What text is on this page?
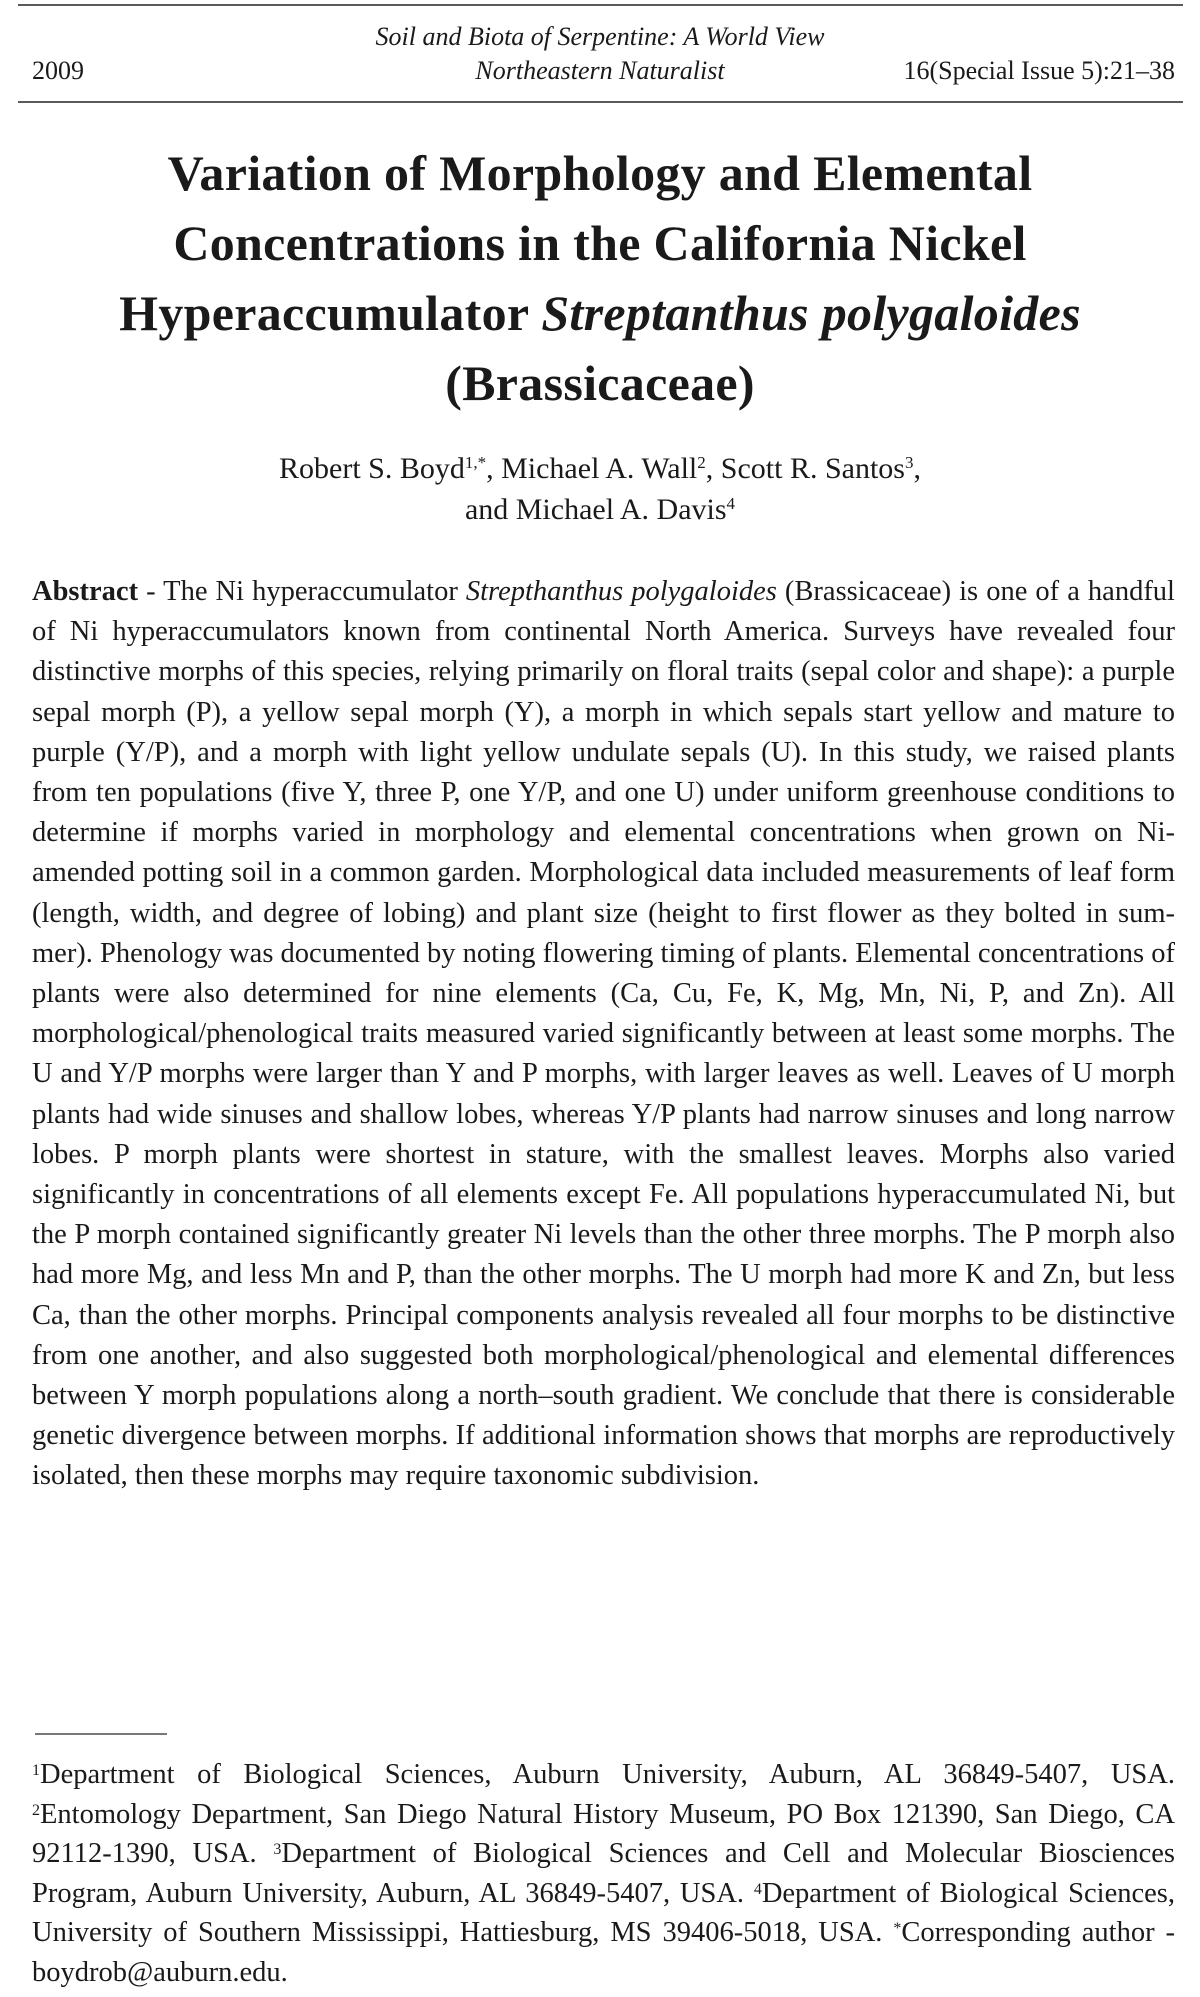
Soil and Biota of Serpentine: A World View
2009	Northeastern Naturalist	16(Special Issue 5):21–38
Variation of Morphology and Elemental
Concentrations in the California Nickel
Hyperaccumulator Streptanthus polygaloides
(Brassicaceae)
Robert S. Boyd$^{1,*}$, Michael A. Wall$^2$, Scott R. Santos$^3$,
and Michael A. Davis$^4$
Abstract - The Ni hyperaccumulator Strepthanthus polygaloides (Brassicaceae) is one of a handful of Ni hyperaccumulators known from continental North America. Surveys have revealed four distinctive morphs of this species, relying primarily on floral traits (sepal color and shape): a purple sepal morph (P), a yellow sepal morph (Y), a morph in which sepals start yellow and mature to purple (Y/P), and a morph with light yellow undulate sepals (U). In this study, we raised plants from ten populations (five Y, three P, one Y/P, and one U) under uniform greenhouse conditions to determine if morphs varied in morphology and elemental concentrations when grown on Ni-amended potting soil in a common garden. Morphological data included measurements of leaf form (length, width, and degree of lobing) and plant size (height to first flower as they bolted in summer). Phenology was documented by noting flowering timing of plants. Elemental concentrations of plants were also determined for nine elements (Ca, Cu, Fe, K, Mg, Mn, Ni, P, and Zn). All morphological/phenological traits measured varied significantly between at least some morphs. The U and Y/P morphs were larger than Y and P morphs, with larger leaves as well. Leaves of U morph plants had wide sinuses and shallow lobes, whereas Y/P plants had narrow sinuses and long narrow lobes. P morph plants were shortest in stature, with the smallest leaves. Morphs also varied significantly in concentrations of all elements except Fe. All populations hyperaccumulated Ni, but the P morph contained significantly greater Ni levels than the other three morphs. The P morph also had more Mg, and less Mn and P, than the other morphs. The U morph had more K and Zn, but less Ca, than the other morphs. Principal components analysis revealed all four morphs to be distinctive from one another, and also suggested both morphological/phenological and elemental differences between Y morph populations along a north–south gradient. We conclude that there is considerable genetic divergence between morphs. If additional information shows that morphs are reproductively isolated, then these morphs may require taxonomic subdivision.
$^1$Department of Biological Sciences, Auburn University, Auburn, AL 36849-5407, USA. $^2$Entomology Department, San Diego Natural History Museum, PO Box 121390, San Diego, CA 92112-1390, USA. $^3$Department of Biological Sciences and Cell and Molecular Biosciences Program, Auburn University, Auburn, AL 36849-5407, USA. $^4$Department of Biological Sciences, University of Southern Mississippi, Hattiesburg, MS 39406-5018, USA. *Corresponding author - boydrob@auburn.edu.
